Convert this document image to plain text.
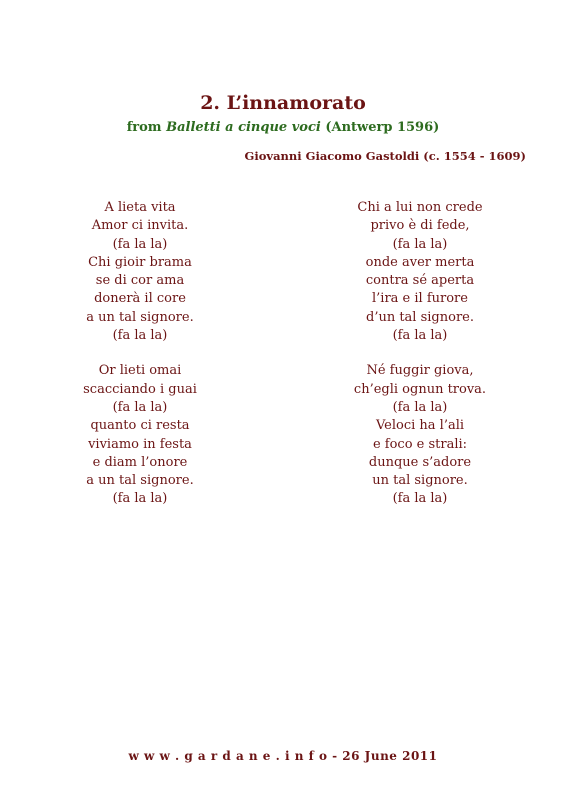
2. L’innamorato
from Balletti a cinque voci (Antwerp 1596)
Giovanni Giacomo Gastoldi (c. 1554 - 1609)
A lieta vita
Amor ci invita.
(fa la la)
Chi gioir brama
se di cor ama
donerà il core
a un tal signore.
(fa la la)
Or lieti omai
scacciando i guai
(fa la la)
quanto ci resta
viviamo in festa
e diam l’onore
a un tal signore.
(fa la la)
Chi a lui non crede
privo è di fede,
(fa la la)
onde aver merta
contra sé aperta
l’ira e il furore
d’un tal signore.
(fa la la)
Né fuggir giova,
ch’egli ognun trova.
(fa la la)
Veloci ha l’ali
e foco e strali:
dunque s’adore
un tal signore.
(fa la la)
w w w . g a r d a n e . i n f o - 26 June 2011
